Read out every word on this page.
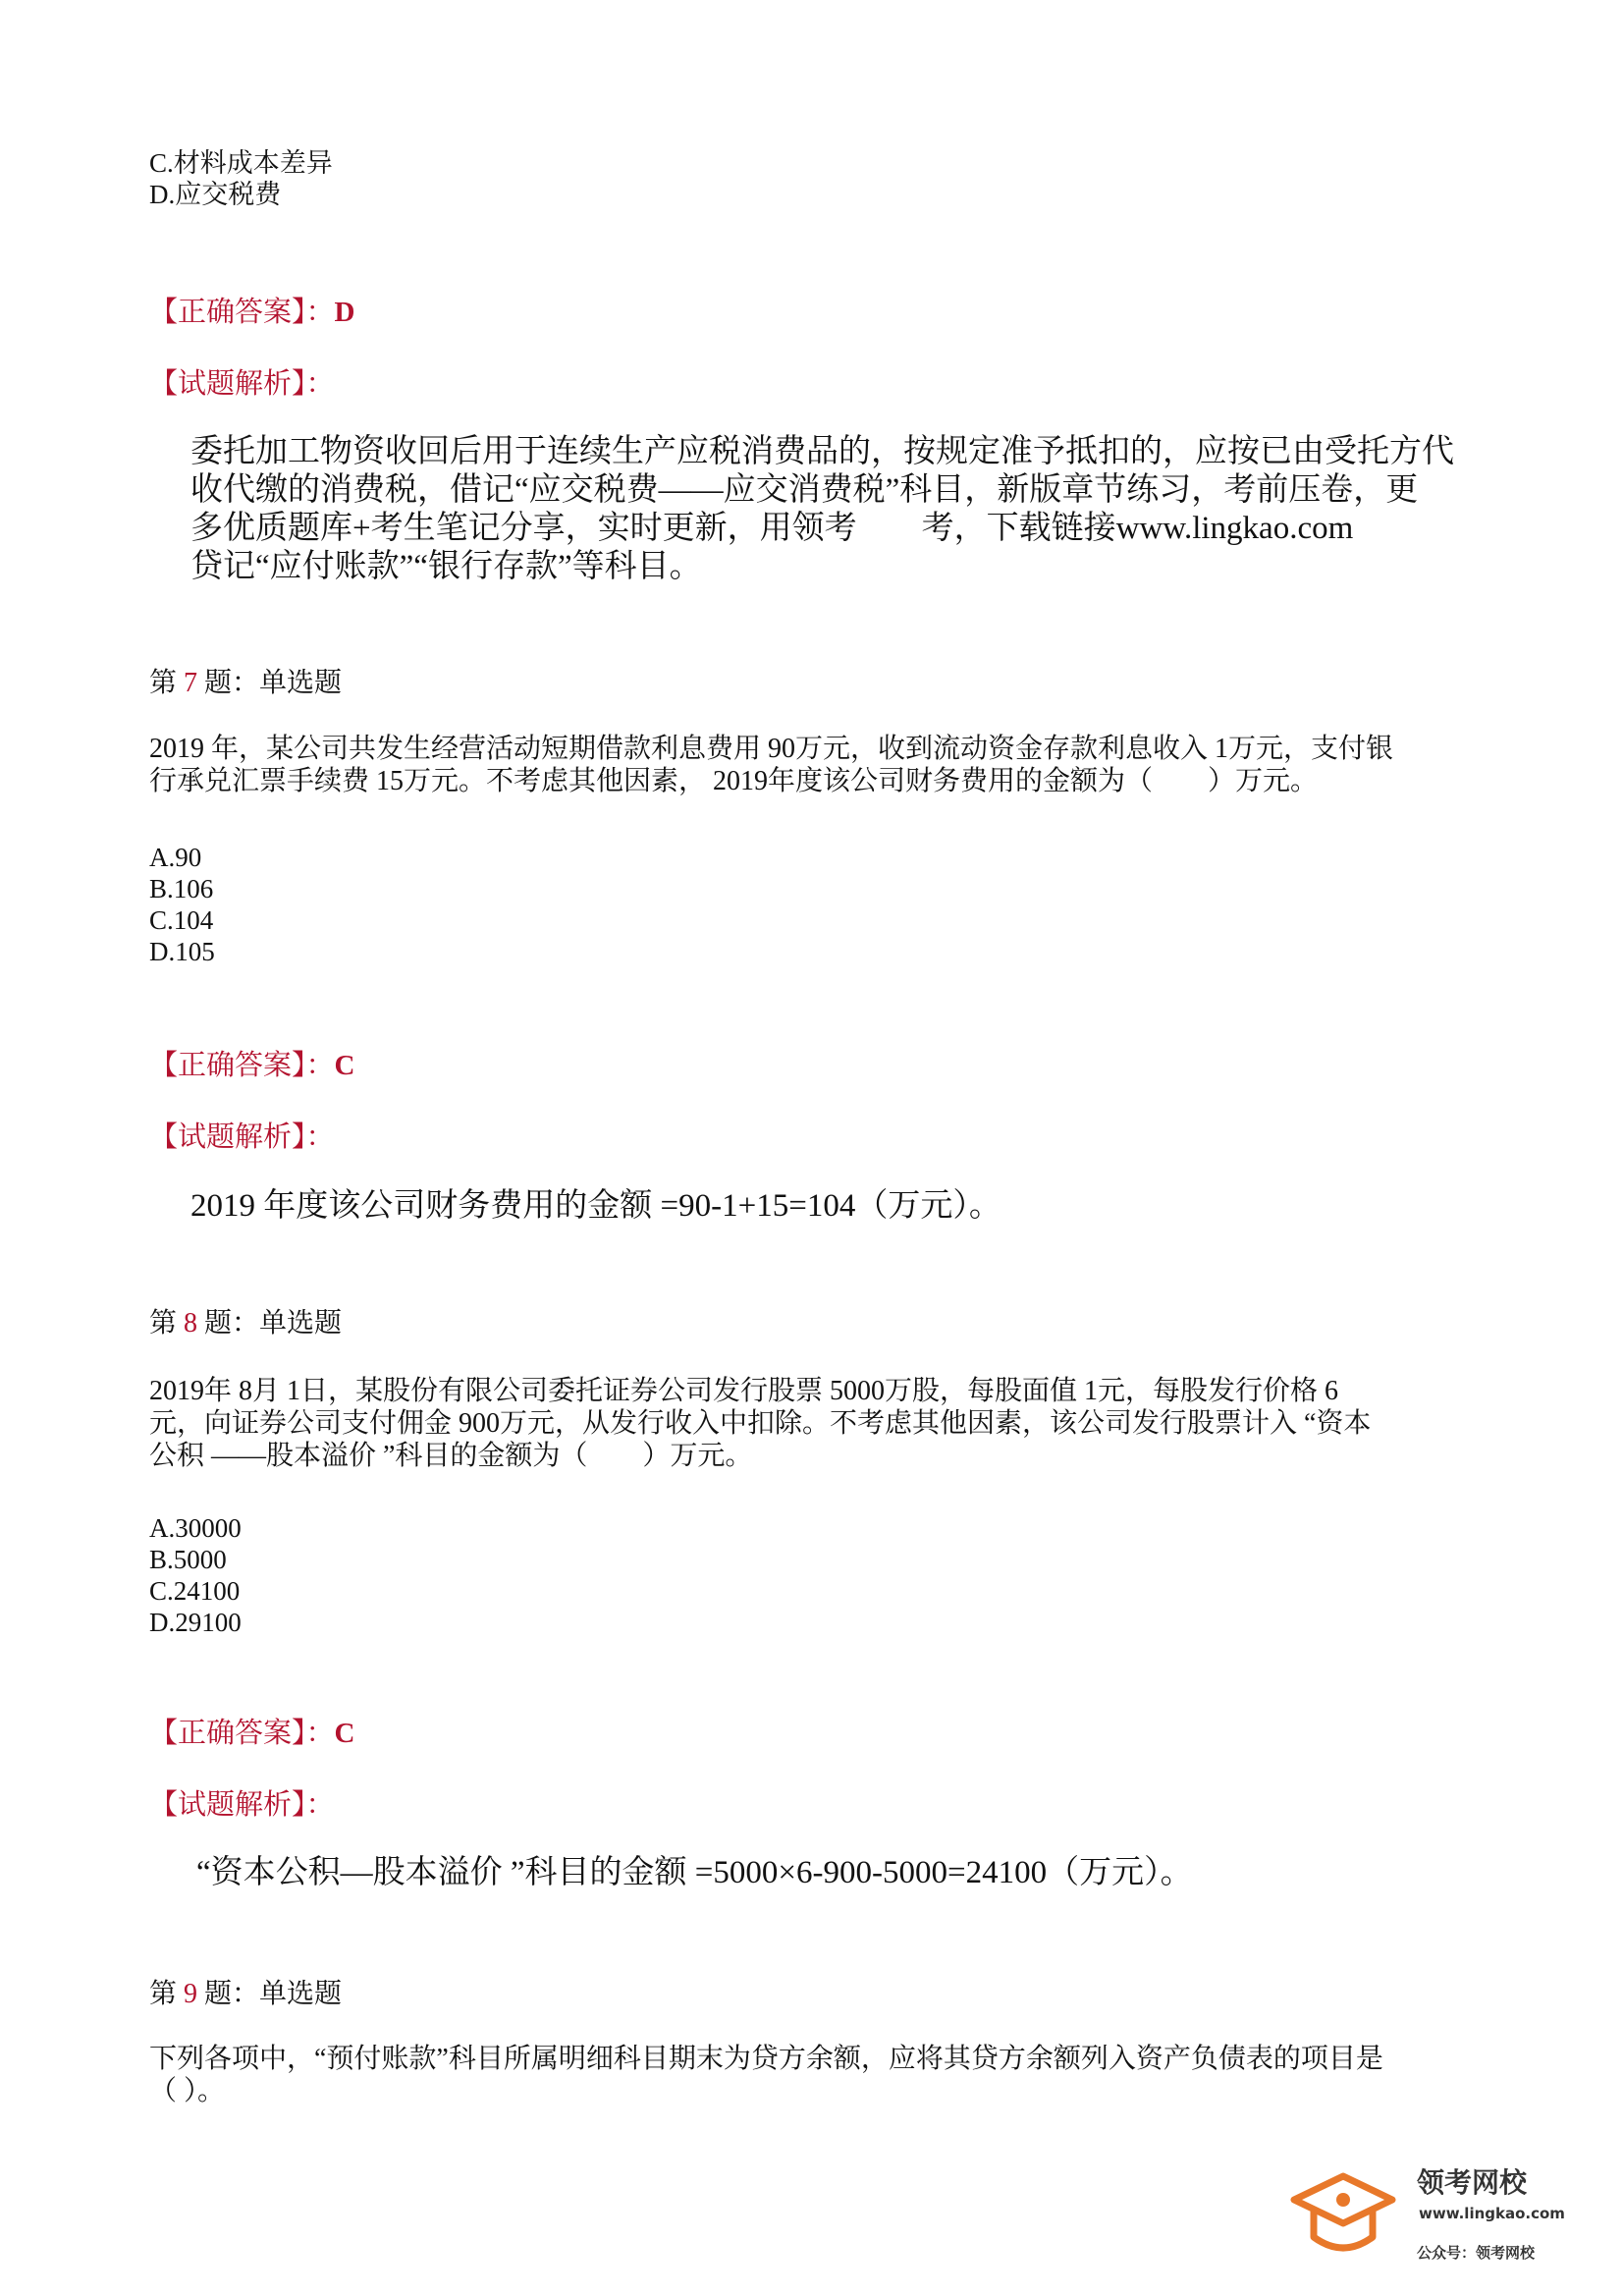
C.材料成本差异
D.应交税费
【正确答案】：D
【试题解析】：
委托加工物资收回后用于连续生产应税消费品的，按规定准予抵扣的，应按已由受托方代
收代缴的消费税，借记“应交税费——应交消费税”科目，新版章节练习，考前压卷，更
多优质题库+考生笔记分享，实时更新，用领考　　考，下载链接www.lingkao.com
贷记“应付账款”“银行存款”等科目。
第 7 题：单选题
2019 年，某公司共发生经营活动短期借款利息费用 90万元，收到流动资金存款利息收入 1万元，支付银
行承兑汇票手续费 15万元。不考虑其他因素， 2019年度该公司财务费用的金额为（　　）万元。
A.90
B.106
C.104
D.105
【正确答案】：C
【试题解析】：
2019 年度该公司财务费用的金额 =90-1+15=104（万元）。
第 8 题：单选题
2019年 8月 1日，某股份有限公司委托证券公司发行股票 5000万股，每股面值 1元，每股发行价格 6
元，向证券公司支付佣金 900万元，从发行收入中扣除。不考虑其他因素，该公司发行股票计入 “资本
公积 ——股本溢价 ”科目的金额为（　　）万元。
A.30000
B.5000
C.24100
D.29100
【正确答案】：C
【试题解析】：
“资本公积—股本溢价 ”科目的金额 =5000×6-900-5000=24100（万元）。
第 9 题：单选题
下列各项中，“预付账款”科目所属明细科目期末为贷方余额，应将其贷方余额列入资产负债表的项目是
（ ）。
领考网校
www.lingkao.com
公众号：领考网校
